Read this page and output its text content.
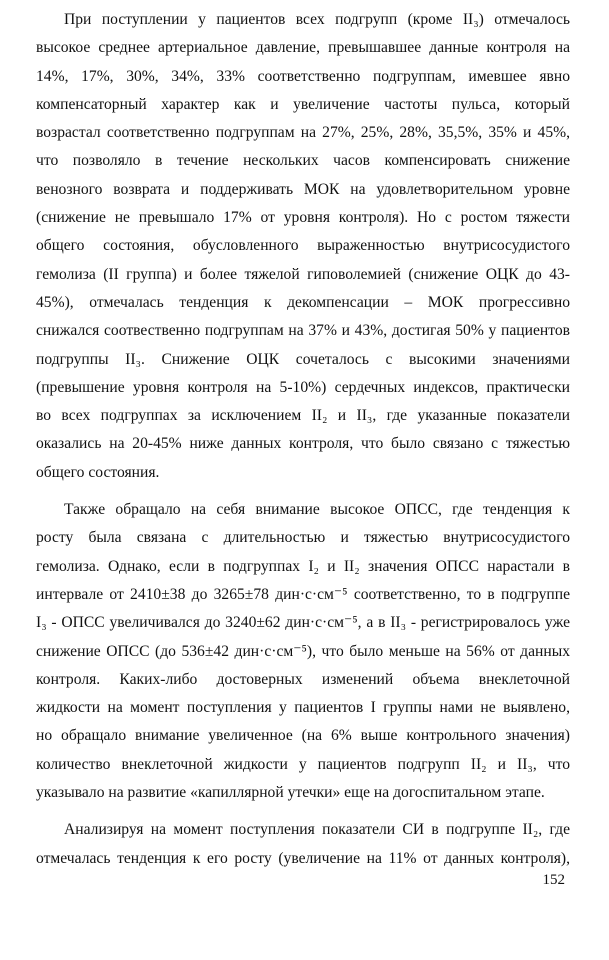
При поступлении у пациентов всех подгрупп (кроме II₃) отмечалось
высокое среднее артериальное давление, превышавшее данные контроля на
14%, 17%, 30%, 34%, 33% соответственно подгруппам, имевшее явно
компенсаторный характер как и увеличение частоты пульса, который
возрастал соответственно подгруппам на 27%, 25%, 28%, 35,5%, 35% и 45%,
что позволяло в течение нескольких часов компенсировать снижение
венозного возврата и поддерживать МОК на удовлетворительном уровне
(снижение не превышало 17% от уровня контроля). Но с ростом тяжести
общего состояния, обусловленного выраженностью внутрисосудистого
гемолиза (II группа) и более тяжелой гиповолемией (снижение ОЦК до 43-
45%), отмечалась тенденция к декомпенсации – МОК прогрессивно
снижался соотвественно подгруппам на 37% и 43%, достигая 50% у пациентов
подгруппы II₃. Снижение ОЦК сочеталось с высокими значениями
(превышение уровня контроля на 5-10%) сердечных индексов, практически
во всех подгруппах за исключением II₂ и II₃, где указанные показатели
оказались на 20-45% ниже данных контроля, что было связано с тяжестью
общего состояния.
Также обращало на себя внимание высокое ОПСС, где тенденция к
росту была связана с длительностью и тяжестью внутрисосудистого
гемолиза. Однако, если в подгруппах I₂ и II₂ значения ОПСС нарастали в
интервале от 2410±38 до 3265±78 дин·с·см⁻⁵ соответственно, то в подгруппе
I₃ - ОПСС увеличивался до 3240±62 дин·с·см⁻⁵, а в II₃ - регистрировалось уже
снижение ОПСС (до 536±42 дин·с·см⁻⁵), что было меньше на 56% от данных
контроля. Каких-либо достоверных изменений объема внеклеточной
жидкости на момент поступления у пациентов I группы нами не выявлено,
но обращало внимание увеличенное (на 6% выше контрольного значения)
количество внеклеточной жидкости у пациентов подгрупп II₂ и II₃, что
указывало на развитие «капиллярной утечки» еще на догоспитальном этапе.
Анализируя на момент поступления показатели СИ в подгруппе II₂, где
отмечалась тенденция к его росту (увеличение на 11% от данных контроля),
152
